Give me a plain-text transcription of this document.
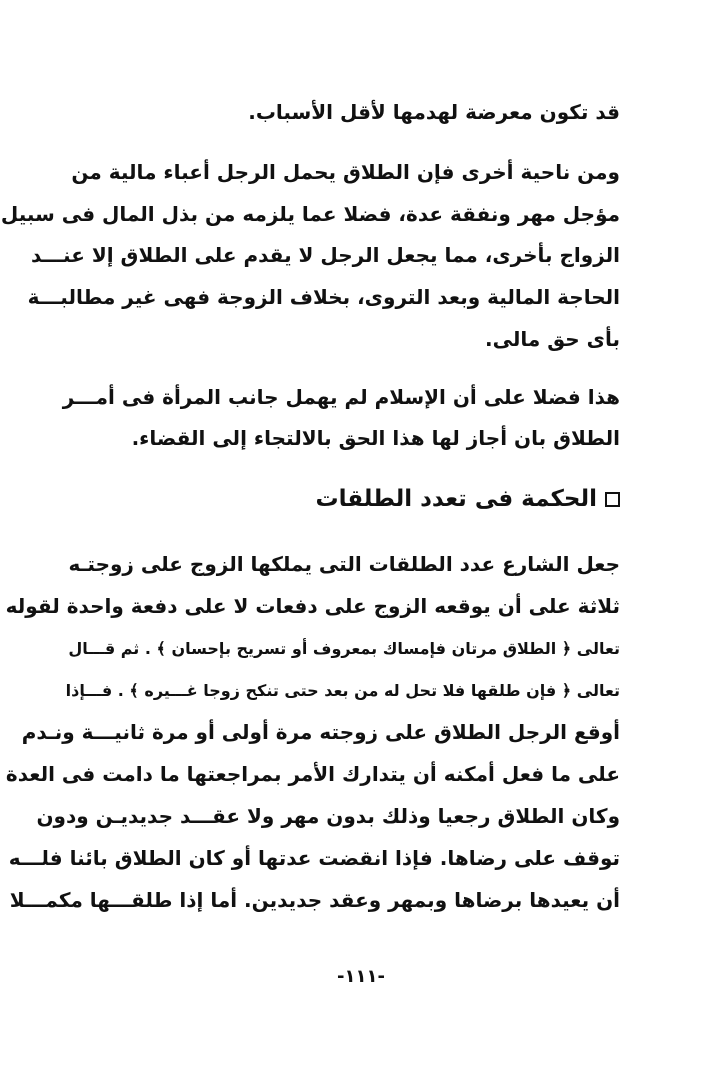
قد تكون معرضة لهدمها لأقل الأسباب.
ومن ناحية أخرى فإن الطلاق يحمل الرجل أعباء مالية من
مؤجل مهر ونفقة عدة، فضلا عما يلزمه من بذل المال فى سبيل
الزواج بأخرى، مما يجعل الرجل لا يقدم على الطلاق إلا عنـــد
الحاجة المالية وبعد التروى، بخلاف الزوجة فهى غير مطالبـــة
بأى حق مالى.
هذا فضلا على أن الإسلام لم يهمل جانب المرأة فى أمـــر
الطلاق بان أجاز لها هذا الحق بالالتجاء إلى القضاء.
الحكمة فى تعدد الطلقات
جعل الشارع عدد الطلقات التى يملكها الزوج على زوجتـه
ثلاثة على أن يوقعه الزوج على دفعات لا على دفعة واحدة لقوله
تعالى ﴿ الطلاق مرتان فإمساك بمعروف أو تسريح بإحسان ﴾ . ثم قـــال
تعالى ﴿ فإن طلقها فلا تحل له من بعد حتى تنكح زوجا غـــيره ﴾ . فـــإذا
أوقع الرجل الطلاق على زوجته مرة أولى أو مرة ثانيـــة ونـدم
على ما فعل أمكنه أن يتدارك الأمر بمراجعتها ما دامت فى العدة
وكان الطلاق رجعيا وذلك بدون مهر ولا عقـــد جديديـن ودون
توقف على رضاها. فإذا انقضت عدتها أو كان الطلاق بائنا فلـــه
أن يعيدها برضاها وبمهر وعقد جديدين. أما إذا طلقـــها مكمـــلا
-١١١-
